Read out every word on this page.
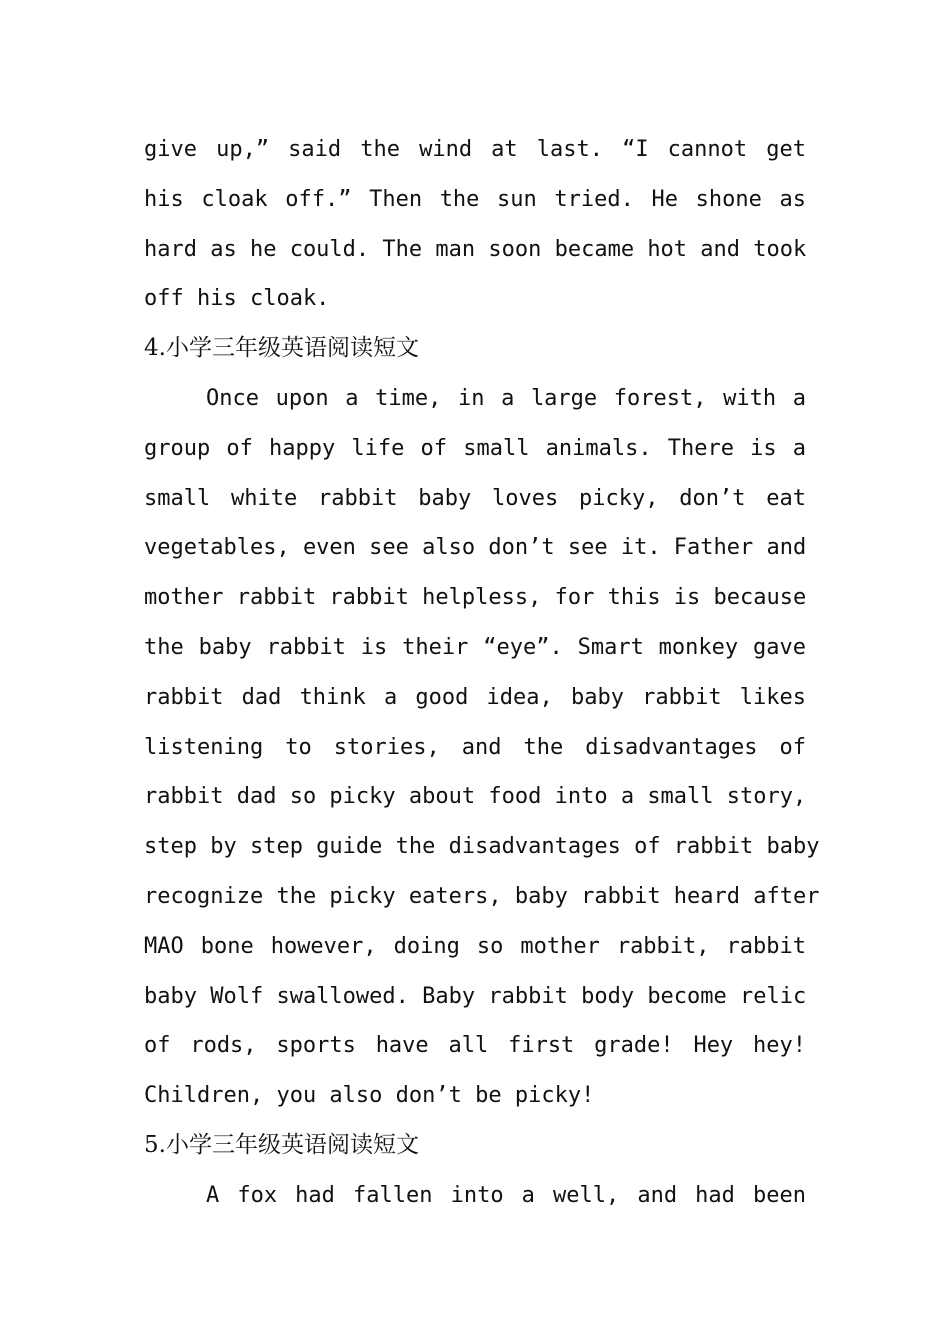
give up,” said the wind at last. “I cannot get
his cloak off.” Then the sun tried. He shone as
hard as he could. The man soon became hot and took
off his cloak.
4.小学三年级英语阅读短文
Once upon a time, in a large forest, with a
group of happy life of small animals. There is a
small white rabbit baby loves picky, don’t eat
vegetables, even see also don’t see it. Father and
mother rabbit rabbit helpless, for this is because
the baby rabbit is their “eye”. Smart monkey gave
rabbit dad think a good idea, baby rabbit likes
listening to stories, and the disadvantages of
rabbit dad so picky about food into a small story,
step by step guide the disadvantages of rabbit baby
recognize the picky eaters, baby rabbit heard after
MAO bone however, doing so mother rabbit, rabbit
baby Wolf swallowed. Baby rabbit body become relic
of rods, sports have all first grade! Hey hey!
Children, you also don’t be picky!
5.小学三年级英语阅读短文
A fox had fallen into a well, and had been
